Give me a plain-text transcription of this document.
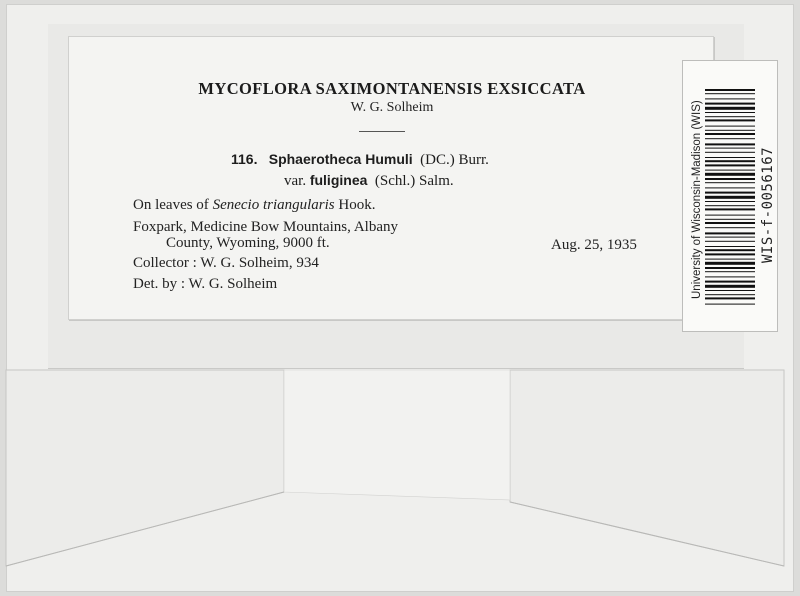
MYCOFLORA SAXIMONTANENSIS EXSICCATA
W. G. Solheim
116. Sphaerotheca Humuli (DC.) Burr.
var. fuliginea (Schl.) Salm.
On leaves of Senecio triangularis Hook.
Foxpark, Medicine Bow Mountains, Albany
County, Wyoming, 9000 ft.	Aug. 25, 1935
Collector : W. G. Solheim, 934
Det. by : W. G. Solheim	University of Wisconsin-Madison (WIS)	WIS-f-0056167
